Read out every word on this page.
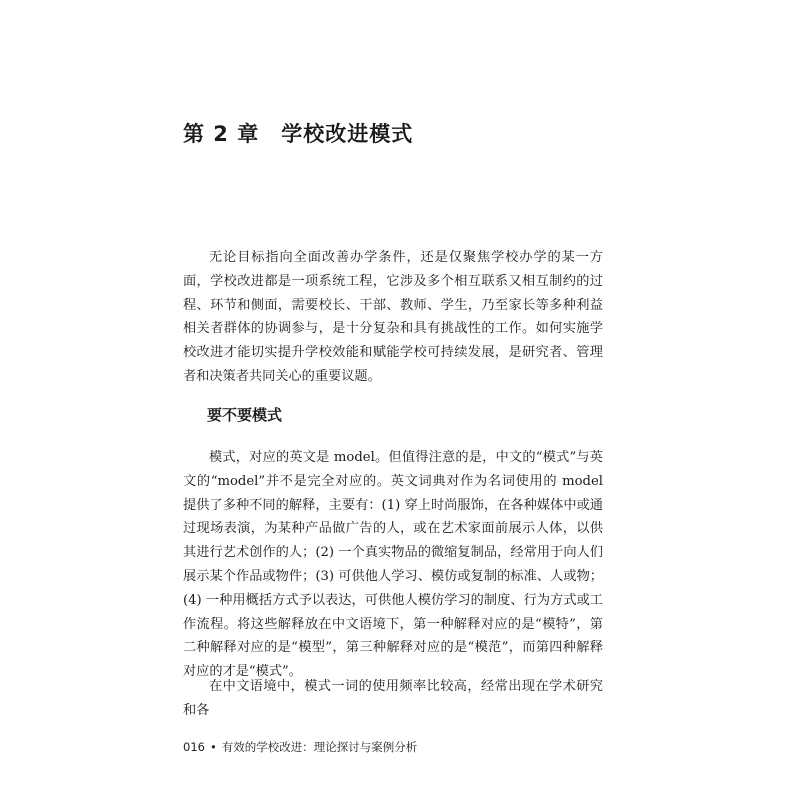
第 2 章 学校改进模式

无论目标指向全面改善办学条件，还是仅聚焦学校办学的某一方面，学校改进都是一项系统工程，它涉及多个相互联系又相互制约的过程、环节和侧面，需要校长、干部、教师、学生，乃至家长等多种利益相关者群体的协调参与，是十分复杂和具有挑战性的工作。如何实施学校改进才能切实提升学校效能和赋能学校可持续发展，是研究者、管理者和决策者共同关心的重要议题。

要不要模式

模式，对应的英文是 model。但值得注意的是，中文的“模式”与英文的“model”并不是完全对应的。英文词典对作为名词使用的 model 提供了多种不同的解释，主要有：(1) 穿上时尚服饰，在各种媒体中或通过现场表演，为某种产品做广告的人，或在艺术家面前展示人体，以供其进行艺术创作的人；(2) 一个真实物品的微缩复制品，经常用于向人们展示某个作品或物件；(3) 可供他人学习、模仿或复制的标准、人或物；(4) 一种用概括方式予以表达，可供他人模仿学习的制度、行为方式或工作流程。将这些解释放在中文语境下，第一种解释对应的是“模特”，第二种解释对应的是“模型”，第三种解释对应的是“模范”，而第四种解释对应的才是“模式”。

在中文语境中，模式一词的使用频率比较高，经常出现在学术研究和各

016 • 有效的学校改进：理论探讨与案例分析
